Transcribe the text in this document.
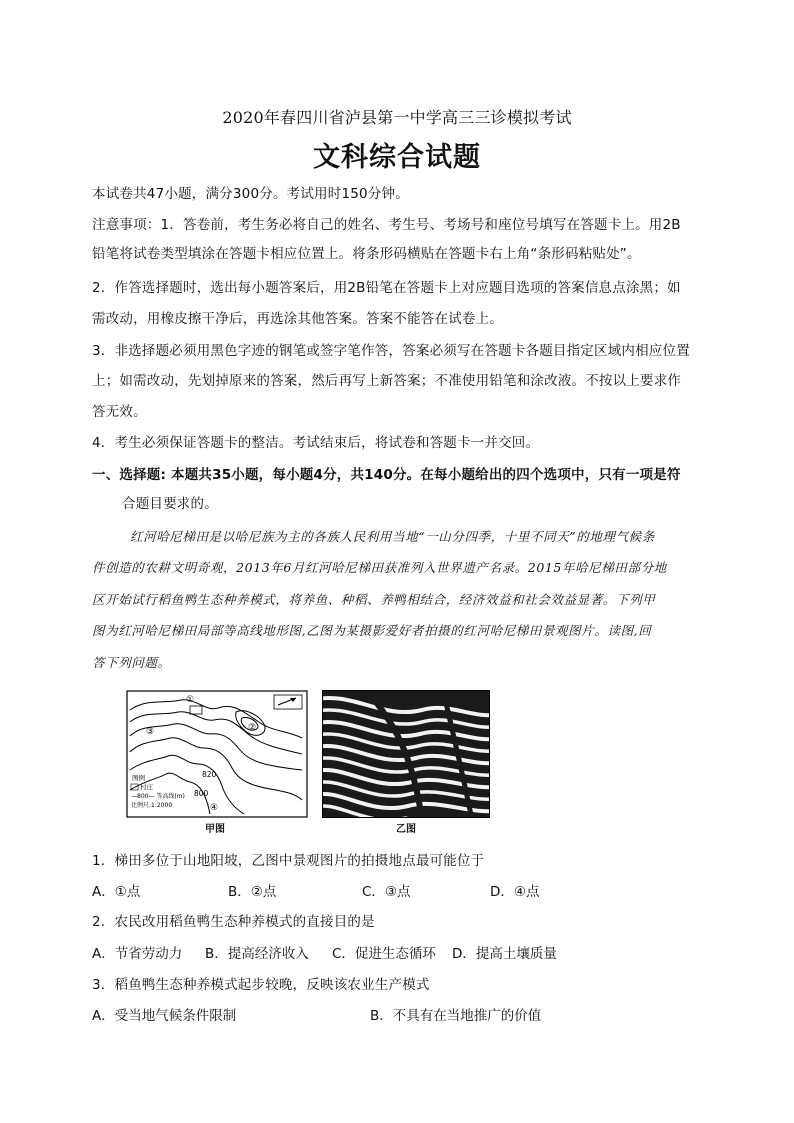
2020年春四川省泸县第一中学高三三诊模拟考试
文科综合试题
本试卷共47小题，满分300分。考试用时150分钟。
注意事项：1．答卷前，考生务必将自己的姓名、考生号、考场号和座位号填写在答题卡上。用2B
铅笔将试卷类型填涂在答题卡相应位置上。将条形码横贴在答题卡右上角“条形码粘贴处”。
2．作答选择题时，选出每小题答案后，用2B铅笔在答题卡上对应题目选项的答案信息点涂黑；如
需改动，用橡皮擦干净后，再选涂其他答案。答案不能答在试卷上。
3．非选择题必须用黑色字迹的钢笔或签字笔作答，答案必须写在答题卡各题目指定区域内相应位置
上；如需改动，先划掉原来的答案，然后再写上新答案；不准使用铅笔和涂改液。不按以上要求作
答无效。
4．考生必须保证答题卡的整洁。考试结束后，将试卷和答题卡一并交回。
一、选择题: 本题共35小题，每小题4分，共140分。在每小题给出的四个选项中，只有一项是符
合题目要求的。
红河哈尼梯田是以哈尼族为主的各族人民利用当地“一山分四季，十里不同天”的地理气候条
件创造的农耕文明奇观，2013年6月红河哈尼梯田获准列入世界遗产名录。2015年哈尼梯田部分地
区开始试行稻鱼鸭生态种养模式，将养鱼、种稻、养鸭相结合，经济效益和社会效益显著。下列甲
图为红河哈尼梯田局部等高线地形图,乙图为某摄影爱好者拍摄的红河哈尼梯田景观图片。读图,回
答下列问题。
①
②
③
④
820
800
图例
村庄
—800— 等高线(m)
比例尺:1:2000
甲图	乙图
1．梯田多位于山地阳坡，乙图中景观图片的拍摄地点最可能位于
A．①点	B．②点	C．③点	D．④点
2．农民改用稻鱼鸭生态种养模式的直接目的是
A．节省劳动力 B．提高经济收入 C．促进生态循环 D．提高土壤质量
3．稻鱼鸭生态种养模式起步较晚，反映该农业生产模式
A．受当地气候条件限制	B．不具有在当地推广的价值
